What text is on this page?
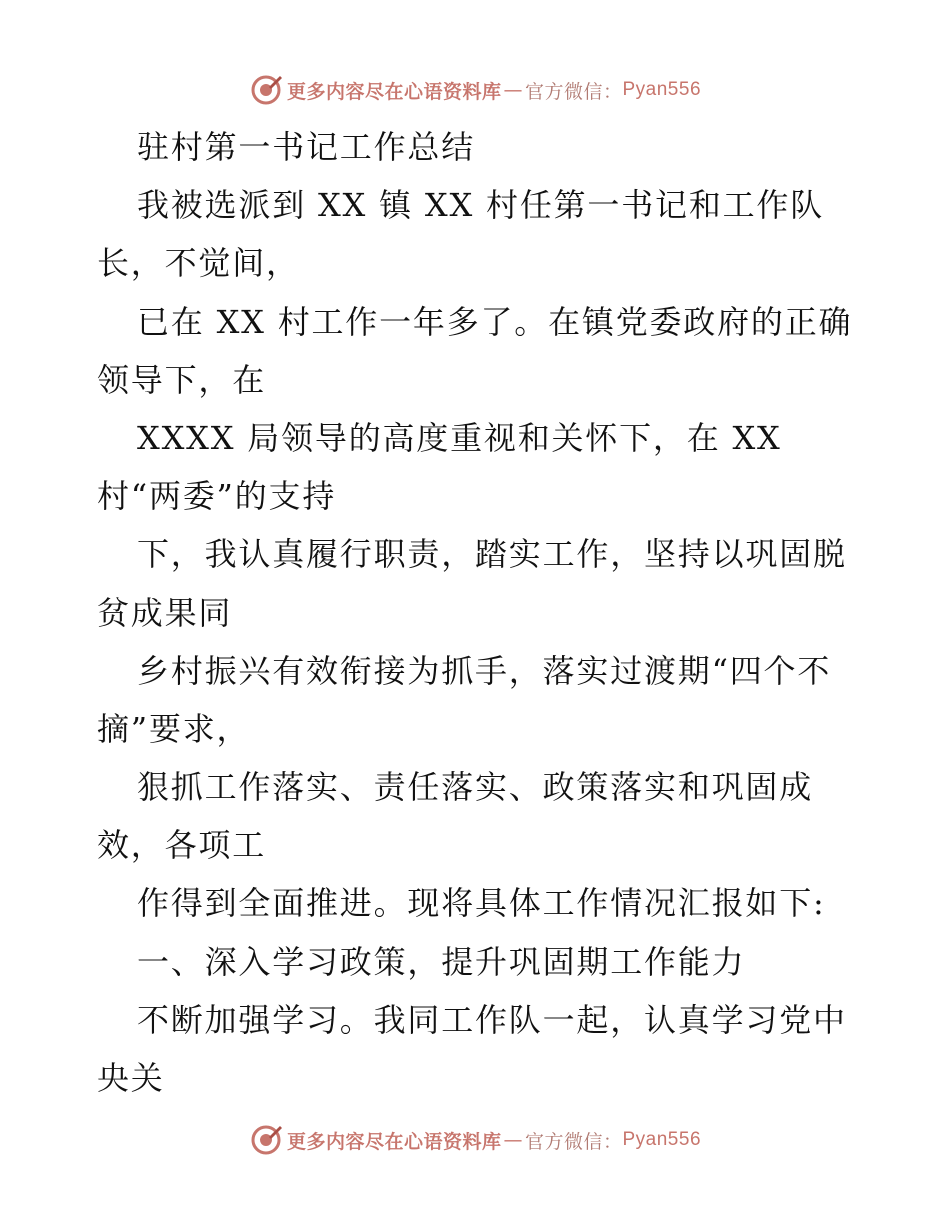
更多内容尽在心语资料库 — 官方微信： Pyan556
驻村第一书记工作总结
我被选派到 XX 镇 XX 村任第一书记和工作队
长，不觉间，
已在 XX 村工作一年多了。在镇党委政府的正确
领导下，在
XXXX 局领导的高度重视和关怀下，在 XX
村“两委”的支持
下，我认真履行职责，踏实工作，坚持以巩固脱
贫成果同
乡村振兴有效衔接为抓手，落实过渡期“四个不
摘”要求，
狠抓工作落实、责任落实、政策落实和巩固成
效，各项工
作得到全面推进。现将具体工作情况汇报如下:
一、深入学习政策，提升巩固期工作能力
不断加强学习。我同工作队一起，认真学习党中
央关
更多内容尽在心语资料库 — 官方微信： Pyan556
